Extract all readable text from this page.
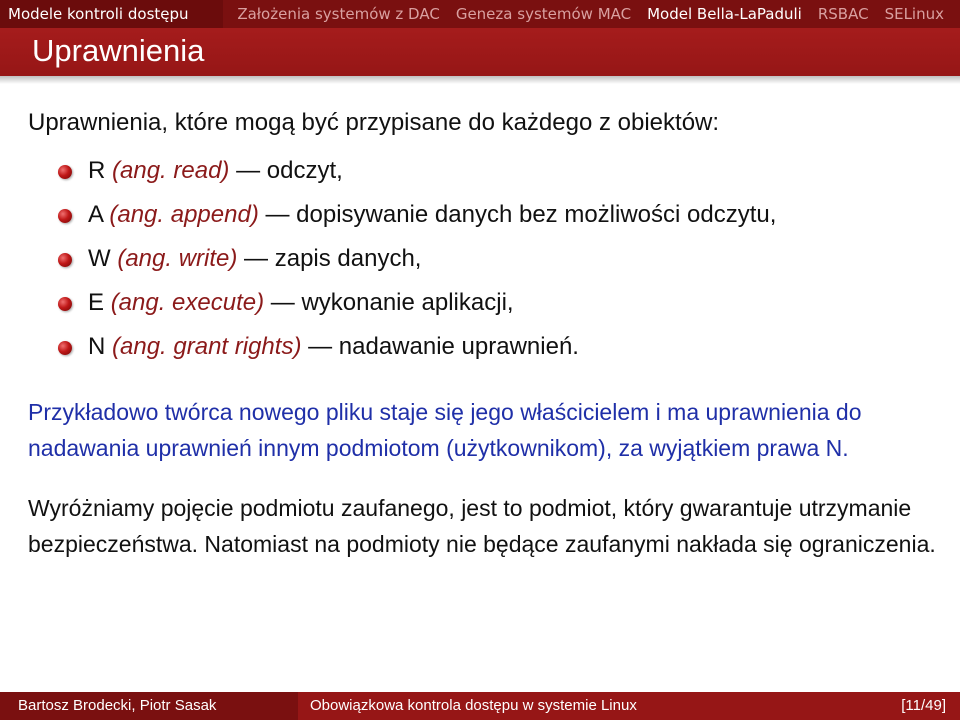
Modele kontroli dostępu	Założenia systemów z DAC Geneza systemów MAC Model Bella-LaPaduli RSBAC SELinux
Uprawnienia

Uprawnienia, które mogą być przypisane do każdego z obiektów:

R (ang. read) — odczyt,
A (ang. append) — dopisywanie danych bez możliwości odczytu,
W (ang. write) — zapis danych,
E (ang. execute) — wykonanie aplikacji,
N (ang. grant rights) — nadawanie uprawnień.

Przykładowo twórca nowego pliku staje się jego właścicielem i ma uprawnienia do nadawania uprawnień innym podmiotom (użytkownikom), za wyjątkiem prawa N.

Wyróżniamy pojęcie podmiotu zaufanego, jest to podmiot, który gwarantuje utrzymanie bezpieczeństwa. Natomiast na podmioty nie będące zaufanymi nakłada się ograniczenia.

Bartosz Brodecki, Piotr Sasak	Obowiązkowa kontrola dostępu w systemie Linux	[11/49]
